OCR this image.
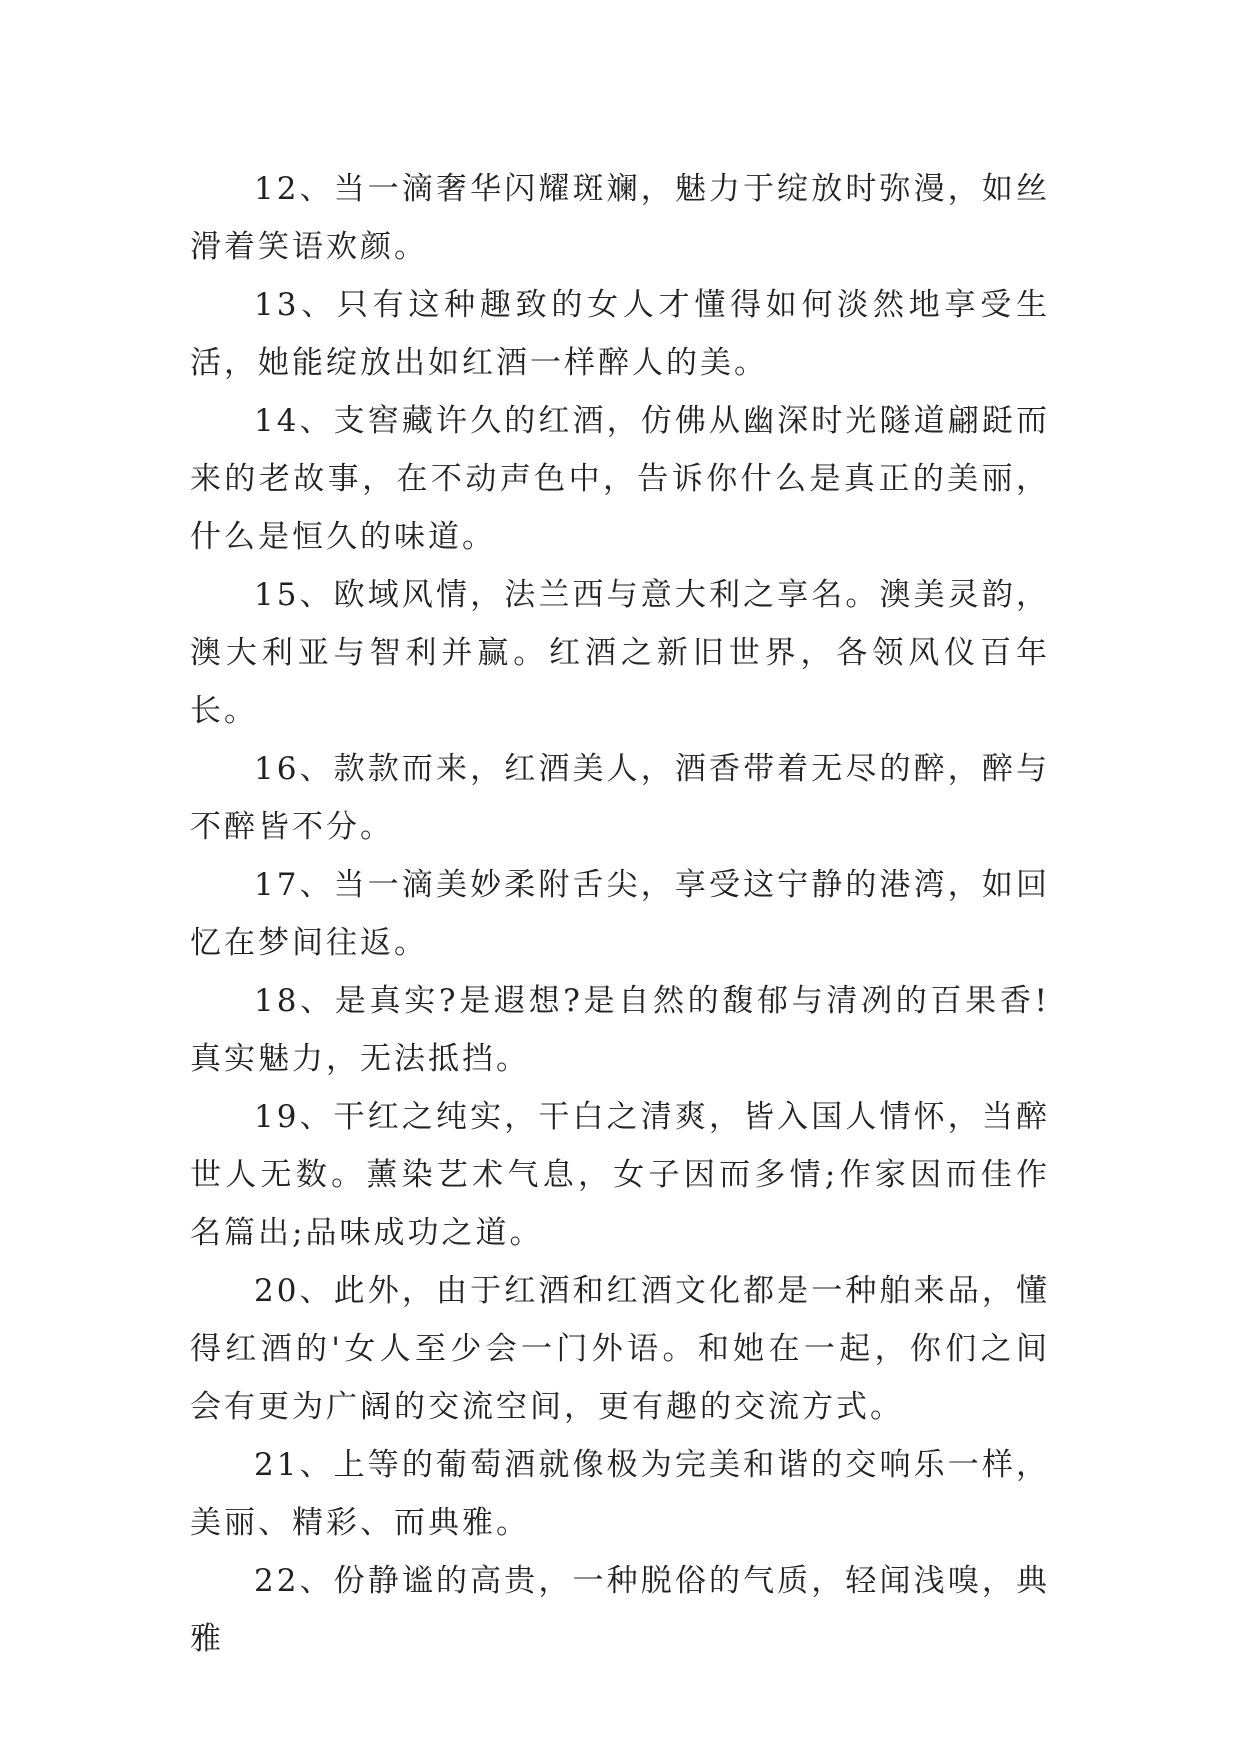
12、当一滴奢华闪耀斑斓，魅力于绽放时弥漫，如丝滑着笑语欢颜。

13、只有这种趣致的女人才懂得如何淡然地享受生活，她能绽放出如红酒一样醉人的美。

14、支窖藏许久的红酒，仿佛从幽深时光隧道翩跹而来的老故事，在不动声色中，告诉你什么是真正的美丽，什么是恒久的味道。

15、欧域风情，法兰西与意大利之享名。澳美灵韵，澳大利亚与智利并赢。红酒之新旧世界，各领风仪百年长。

16、款款而来，红酒美人，酒香带着无尽的醉，醉与不醉皆不分。

17、当一滴美妙柔附舌尖，享受这宁静的港湾，如回忆在梦间往返。

18、是真实?是遐想?是自然的馥郁与清冽的百果香!真实魅力，无法抵挡。

19、干红之纯实，干白之清爽，皆入国人情怀，当醉世人无数。薰染艺术气息，女子因而多情;作家因而佳作名篇出;品味成功之道。

20、此外，由于红酒和红酒文化都是一种舶来品，懂得红酒的'女人至少会一门外语。和她在一起，你们之间会有更为广阔的交流空间，更有趣的交流方式。

21、上等的葡萄酒就像极为完美和谐的交响乐一样，美丽、精彩、而典雅。

22、份静谧的高贵，一种脱俗的气质，轻闻浅嗅，典雅
